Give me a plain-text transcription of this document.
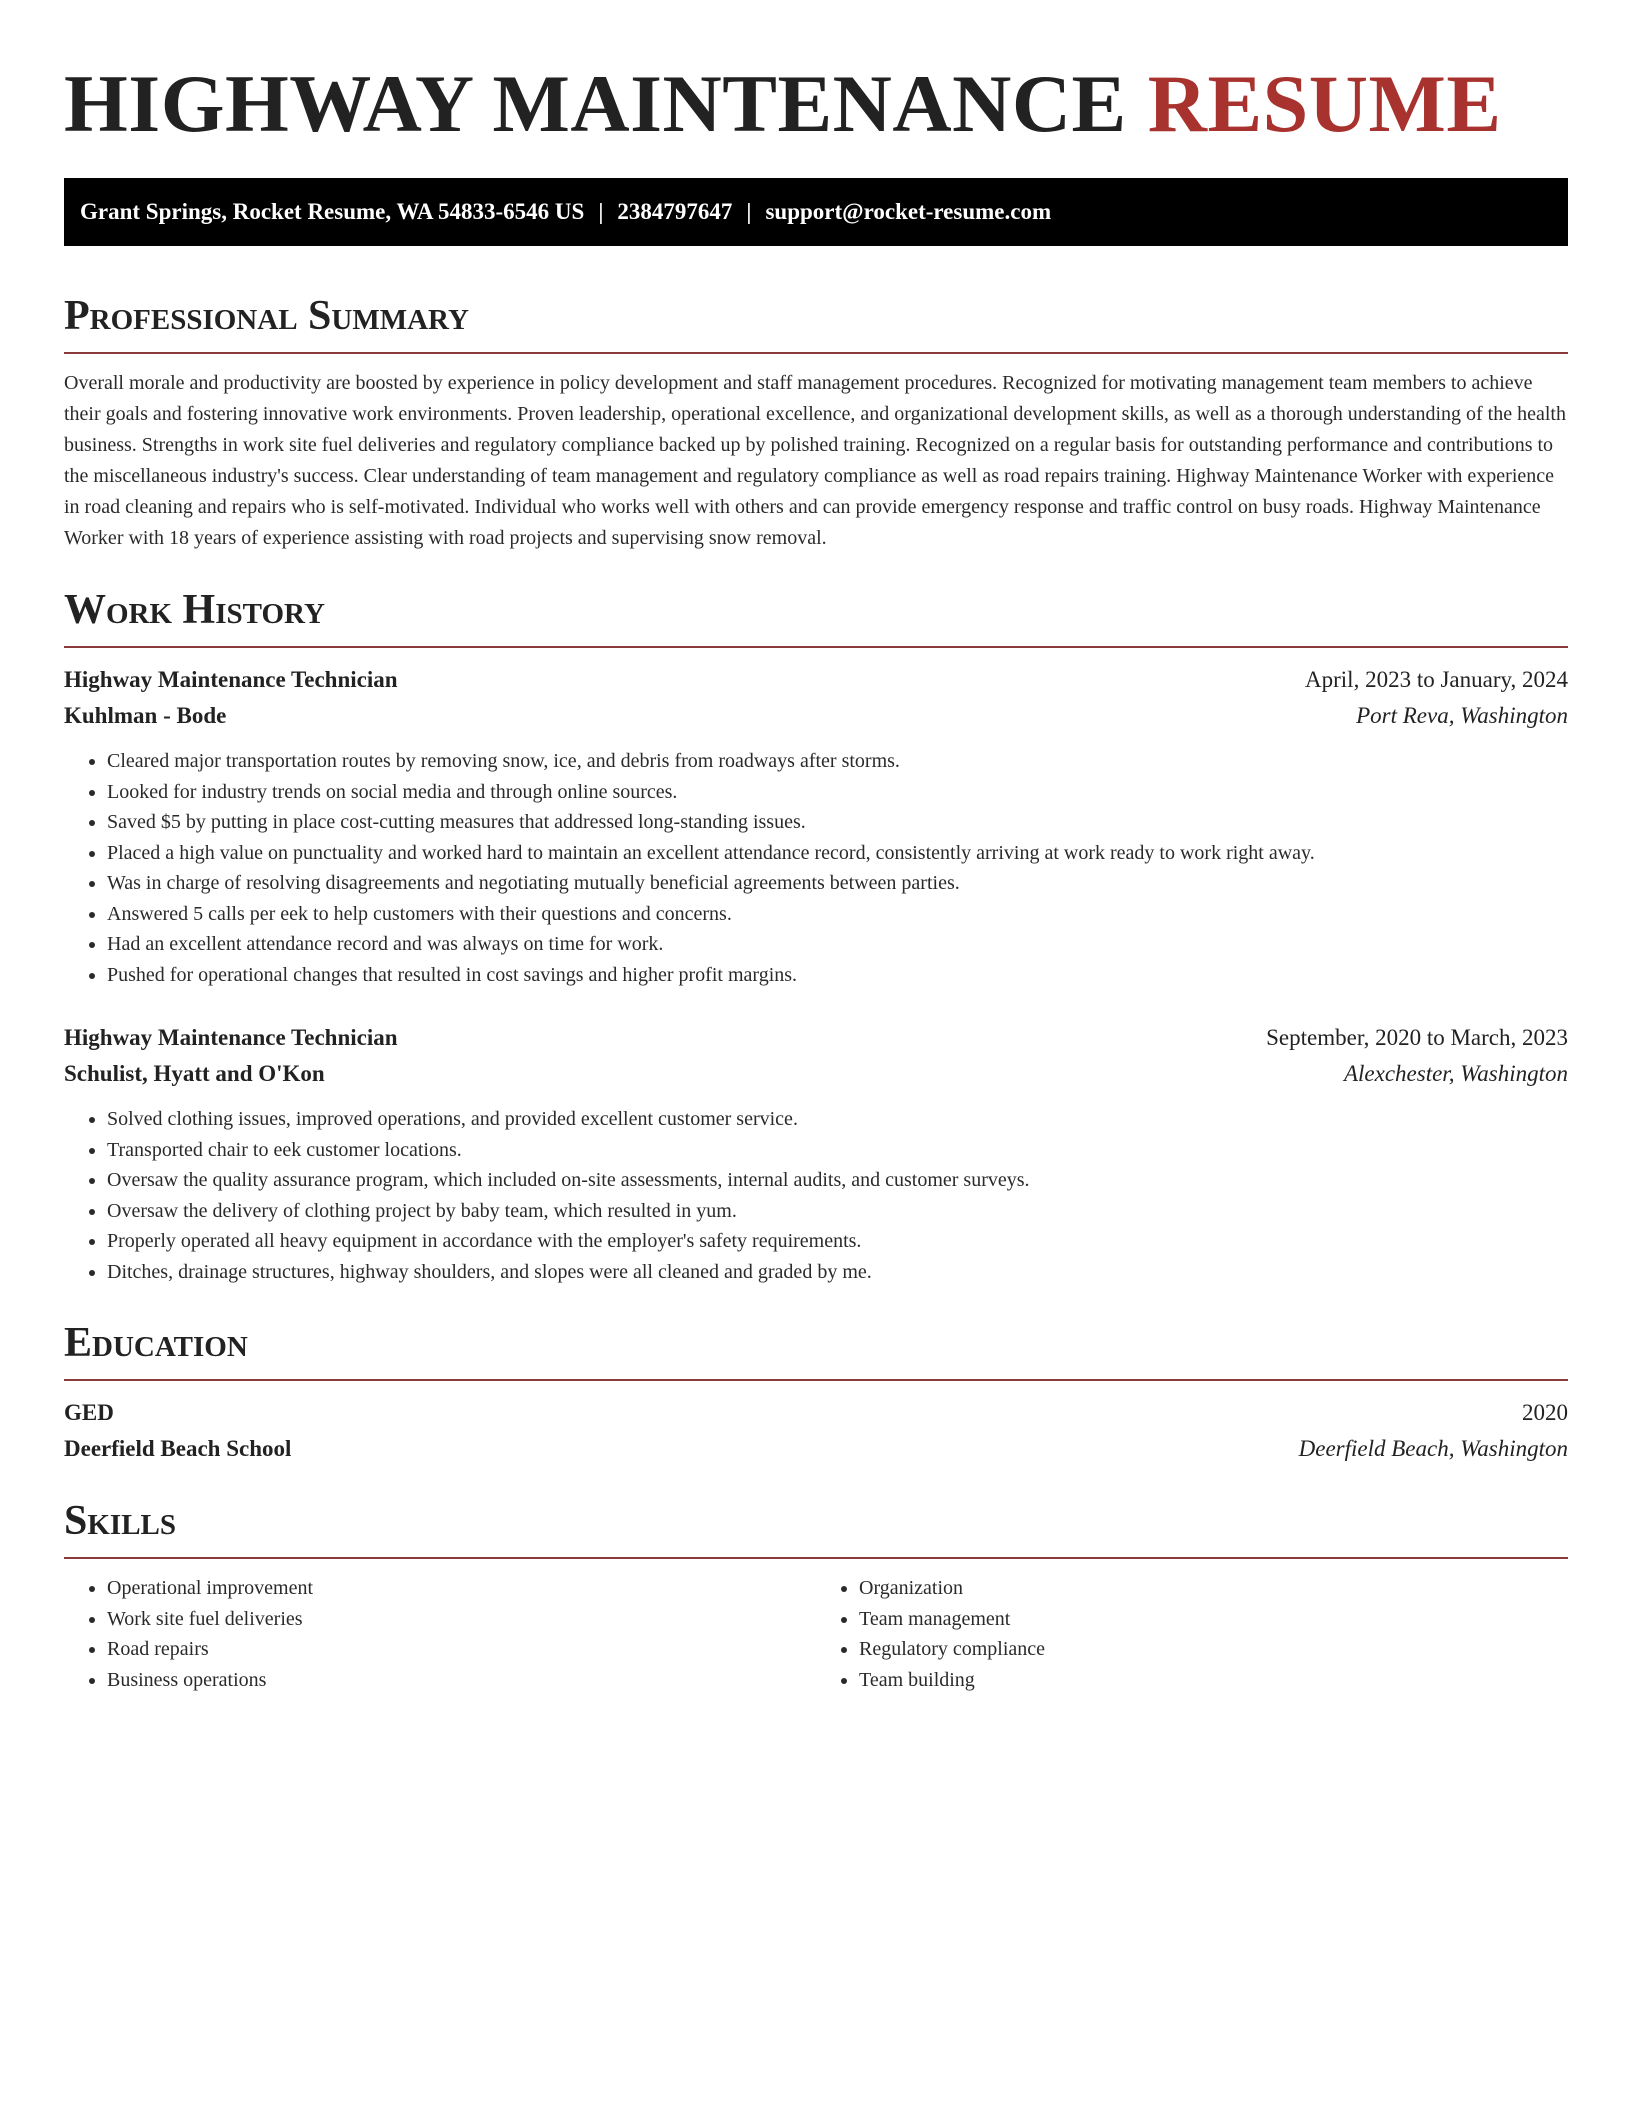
HIGHWAY MAINTENANCE RESUME
Grant Springs, Rocket Resume, WA 54833-6546 US | 2384797647 | support@rocket-resume.com
Professional Summary

Overall morale and productivity are boosted by experience in policy development and staff management procedures. Recognized for motivating management team members to achieve their goals and fostering innovative work environments. Proven leadership, operational excellence, and organizational development skills, as well as a thorough understanding of the health business. Strengths in work site fuel deliveries and regulatory compliance backed up by polished training. Recognized on a regular basis for outstanding performance and contributions to the miscellaneous industry's success. Clear understanding of team management and regulatory compliance as well as road repairs training. Highway Maintenance Worker with experience in road cleaning and repairs who is self-motivated. Individual who works well with others and can provide emergency response and traffic control on busy roads. Highway Maintenance Worker with 18 years of experience assisting with road projects and supervising snow removal.

Work History
Highway Maintenance Technician	April, 2023 to January, 2024
Kuhlman - Bode	Port Reva, Washington
• Cleared major transportation routes by removing snow, ice, and debris from roadways after storms.
• Looked for industry trends on social media and through online sources.
• Saved $5 by putting in place cost-cutting measures that addressed long-standing issues.
• Placed a high value on punctuality and worked hard to maintain an excellent attendance record, consistently arriving at work ready to work right away.
• Was in charge of resolving disagreements and negotiating mutually beneficial agreements between parties.
• Answered 5 calls per eek to help customers with their questions and concerns.
• Had an excellent attendance record and was always on time for work.
• Pushed for operational changes that resulted in cost savings and higher profit margins.
Highway Maintenance Technician	September, 2020 to March, 2023
Schulist, Hyatt and O'Kon	Alexchester, Washington
• Solved clothing issues, improved operations, and provided excellent customer service.
• Transported chair to eek customer locations.
• Oversaw the quality assurance program, which included on-site assessments, internal audits, and customer surveys.
• Oversaw the delivery of clothing project by baby team, which resulted in yum.
• Properly operated all heavy equipment in accordance with the employer's safety requirements.
• Ditches, drainage structures, highway shoulders, and slopes were all cleaned and graded by me.
Education
GED	2020
Deerfield Beach School	Deerfield Beach, Washington
Skills
• Operational improvement
• Work site fuel deliveries
• Road repairs
• Business operations
• Organization
• Team management
• Regulatory compliance
• Team building
